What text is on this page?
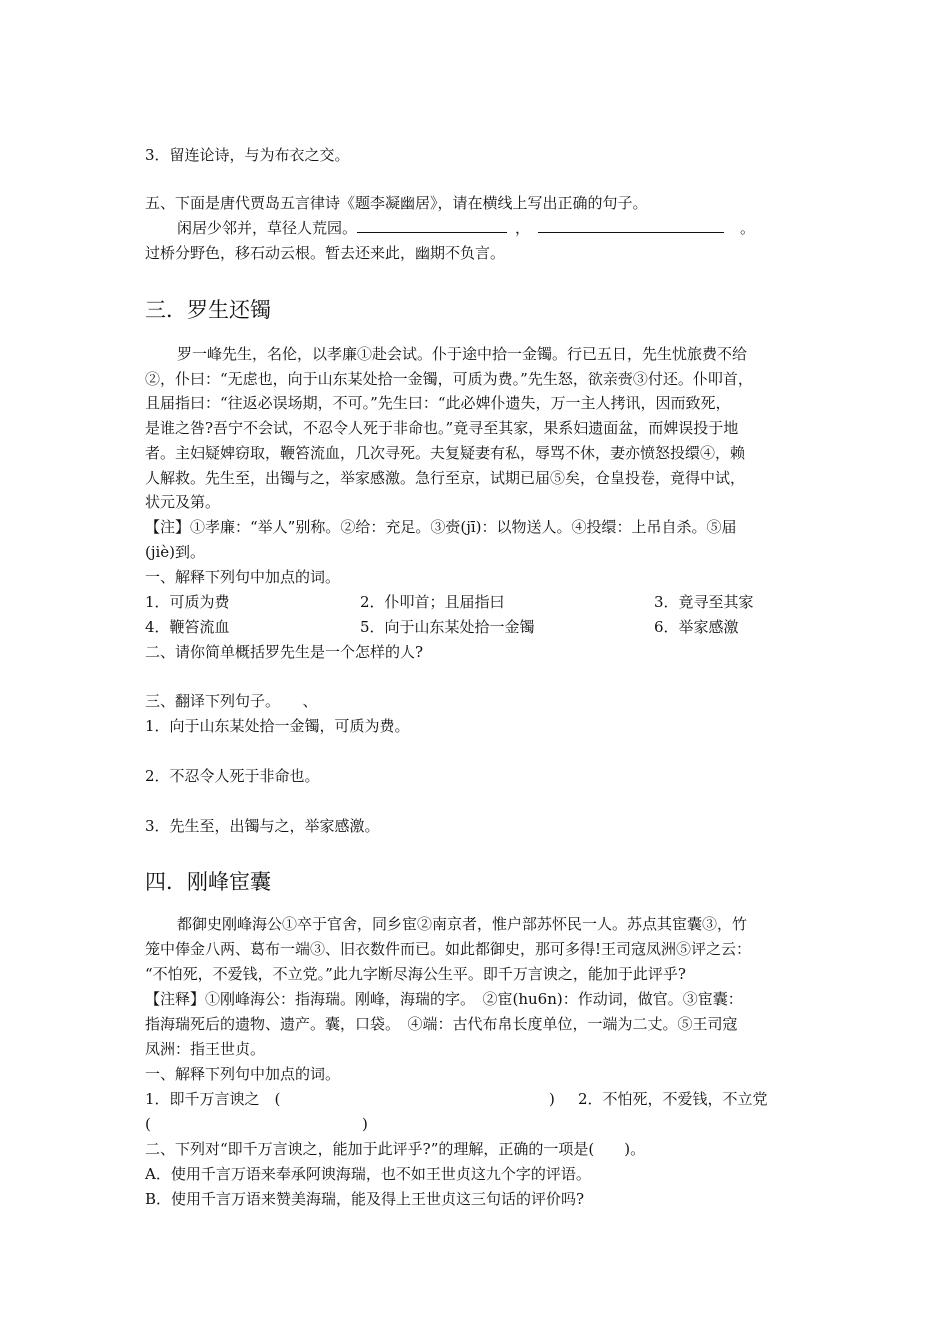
3．留连论诗，与为布衣之交。
五、下面是唐代贾岛五言律诗《题李凝幽居》，请在横线上写出正确的句子。
闲居少邻并，草径人荒园。	，	。
过桥分野色，移石动云根。暂去还来此，幽期不负言。
三．罗生还镯
罗一峰先生，名伦，以孝廉①赴会试。仆于途中拾一金镯。行已五日，先生忧旅费不给
②，仆曰：“无虑也，向于山东某处拾一金镯，可质为费。”先生怒，欲亲赍③付还。仆叩首，
且届指曰：“往返必误场期，不可。”先生曰：“此必婢仆遗失，万一主人拷讯，因而致死，
是谁之咎?吾宁不会试，不忍令人死于非命也。”竟寻至其家，果系妇遗面盆，而婢误投于地
者。主妇疑婢窃取，鞭笞流血，几次寻死。夫复疑妻有私，辱骂不休，妻亦愤怒投缳④，赖
人解救。先生至，出镯与之，举家感激。急行至京，试期已届⑤矣，仓皇投卷，竟得中试，
状元及第。
【注】①孝廉：“举人”别称。②给：充足。③赍(jī)：以物送人。④投缳：上吊自杀。⑤届
(jiè)到。
一、解释下列句中加点的词。
1．可质为费	2．仆叩首；且届指曰	3．竟寻至其家
4．鞭笞流血	5．向于山东某处拾一金镯	6．举家感激
二、请你简单概括罗先生是一个怎样的人?
三、翻译下列句子。　　、
1．向于山东某处拾一金镯，可质为费。
2．不忍令人死于非命也。
3．先生至，出镯与之，举家感激。
四．刚峰宦囊
都御史刚峰海公①卒于官舍，同乡宦②南京者，惟户部苏怀民一人。苏点其宦囊③，竹
笼中俸金八两、葛布一端③、旧衣数件而已。如此都御史，那可多得!王司寇凤洲⑤评之云：
“不怕死，不爱钱，不立党。”此九字断尽海公生平。即千万言谀之，能加于此评乎?
【注释】①刚峰海公：指海瑞。刚峰，海瑞的字。　②宦(hu6n)：作动词，做官。③宦囊：
指海瑞死后的遗物、遗产。囊，口袋。　④端：古代布帛长度单位，一端为二丈。⑤王司寇
凤洲：指王世贞。
一、解释下列句中加点的词。
1．即千万言谀之　(	) 2．不怕死，不爱钱，不立党
(	)
二、下列对“即千万言谀之，能加于此评乎?”的理解，正确的一项是(　　)。
A．使用千言万语来奉承阿谀海瑞，也不如王世贞这九个字的评语。
B．使用千言万语来赞美海瑞，能及得上王世贞这三句话的评价吗?
